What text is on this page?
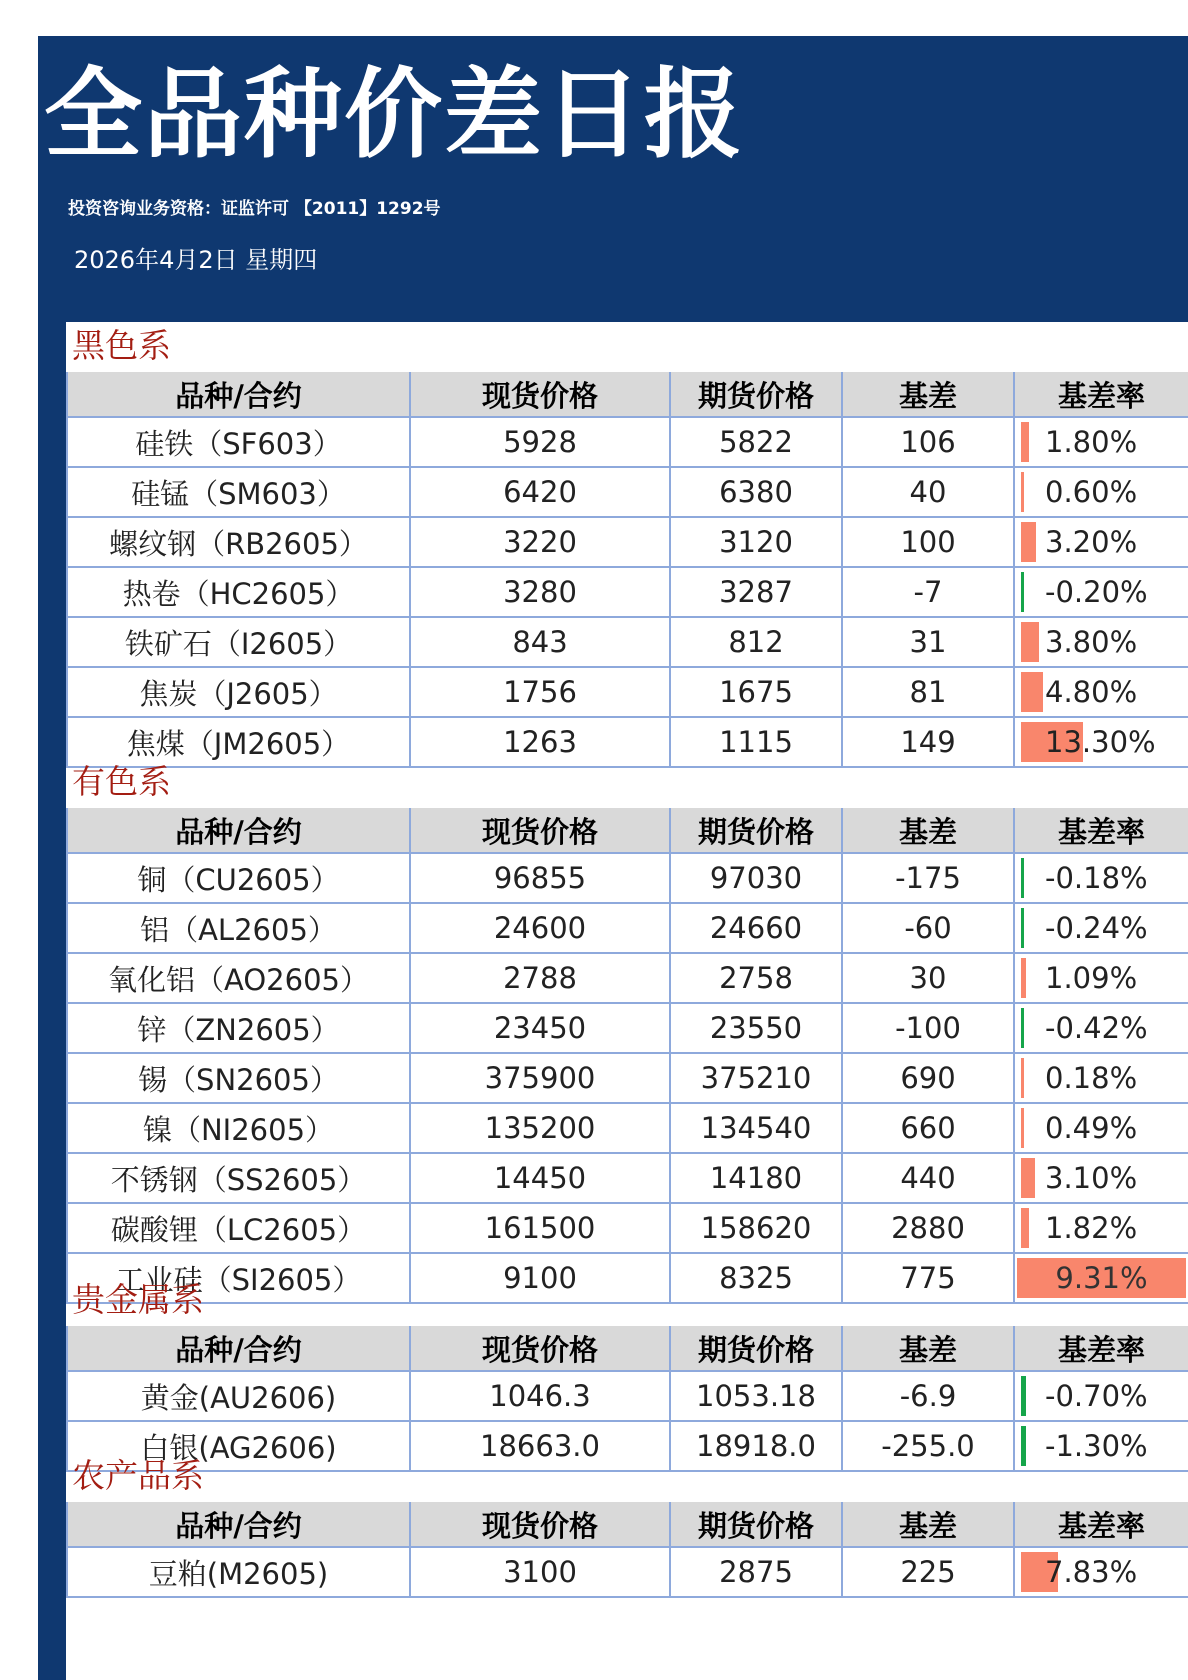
全品种价差日报
投资咨询业务资格：证监许可 【2011】1292号
2026年4月2日 星期四
黑色系
品种/合约	现货价格	期货价格	基差	基差率
硅铁（SF603）	5928	5822	106	1.80%
硅锰（SM603）	6420	6380	40	0.60%
螺纹钢（RB2605）	3220	3120	100	3.20%
热卷（HC2605）	3280	3287	-7	-0.20%
铁矿石（I2605）	843	812	31	3.80%
焦炭（J2605）	1756	1675	81	4.80%
焦煤（JM2605）	1263	1115	149	13.30%
有色系
品种/合约	现货价格	期货价格	基差	基差率
铜（CU2605）	96855	97030	-175	-0.18%
铝（AL2605）	24600	24660	-60	-0.24%
氧化铝（AO2605）	2788	2758	30	1.09%
锌（ZN2605）	23450	23550	-100	-0.42%
锡（SN2605）	375900	375210	690	0.18%
镍（NI2605）	135200	134540	660	0.49%
不锈钢（SS2605）	14450	14180	440	3.10%
碳酸锂（LC2605）	161500	158620	2880	1.82%
工业硅（SI2605）	9100	8325	775	9.31%
贵金属系
品种/合约	现货价格	期货价格	基差	基差率
黄金(AU2606)	1046.3	1053.18	-6.9	-0.70%
白银(AG2606)	18663.0	18918.0	-255.0	-1.30%
农产品系
品种/合约	现货价格	期货价格	基差	基差率
豆粕(M2605)	3100	2875	225	7.83%
